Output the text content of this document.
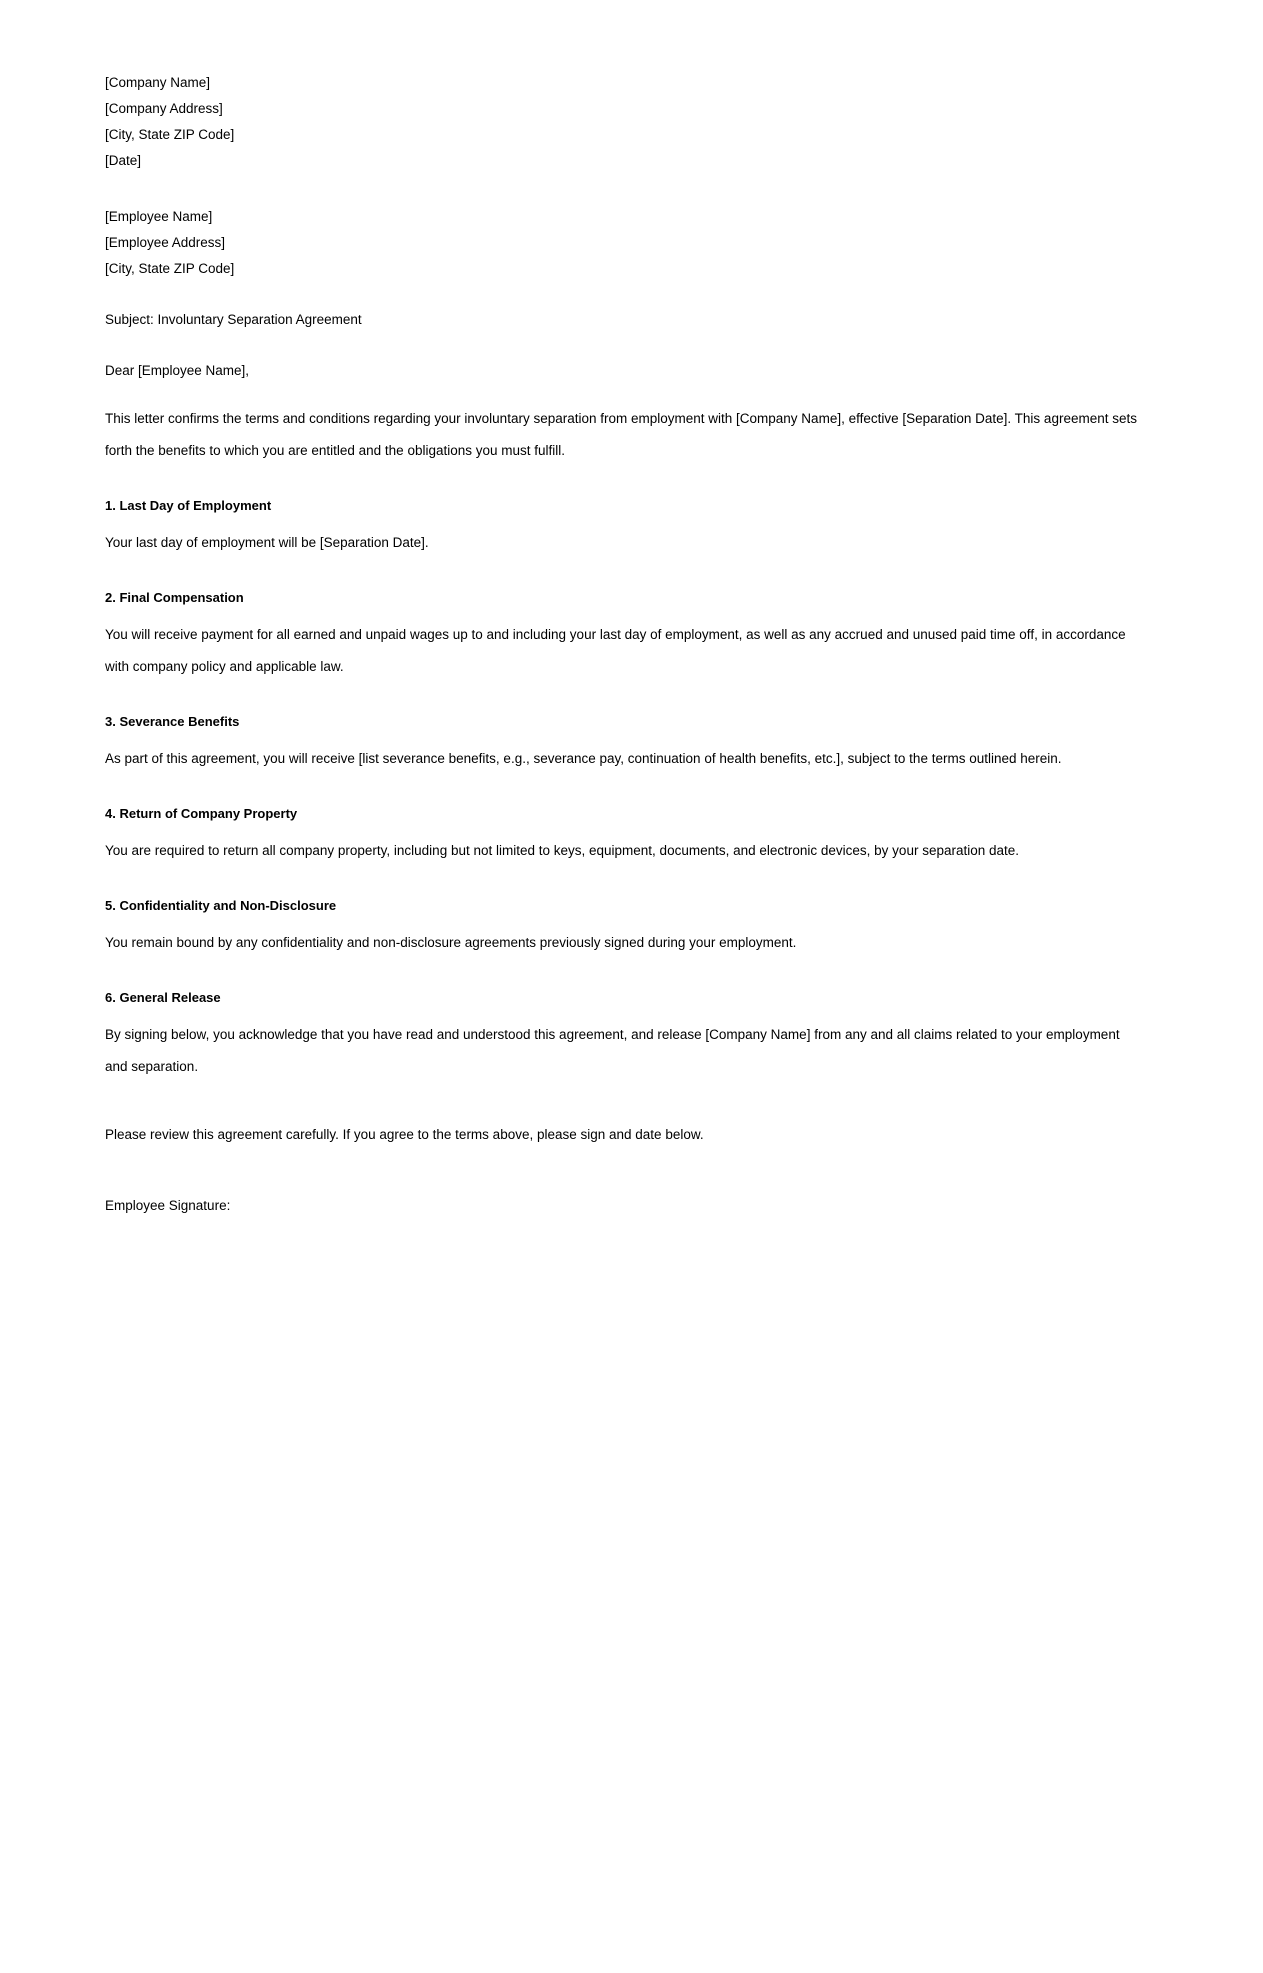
[Company Name]
[Company Address]
[City, State ZIP Code]
[Date]
[Employee Name]
[Employee Address]
[City, State ZIP Code]
Subject: Involuntary Separation Agreement
Dear [Employee Name],

This letter confirms the terms and conditions regarding your involuntary separation from employment with [Company Name], effective [Separation Date]. This agreement sets forth the benefits to which you are entitled and the obligations you must fulfill.

1. Last Day of Employment

Your last day of employment will be [Separation Date].

2. Final Compensation

You will receive payment for all earned and unpaid wages up to and including your last day of employment, as well as any accrued and unused paid time off, in accordance with company policy and applicable law.

3. Severance Benefits

As part of this agreement, you will receive [list severance benefits, e.g., severance pay, continuation of health benefits, etc.], subject to the terms outlined herein.

4. Return of Company Property

You are required to return all company property, including but not limited to keys, equipment, documents, and electronic devices, by your separation date.

5. Confidentiality and Non-Disclosure

You remain bound by any confidentiality and non-disclosure agreements previously signed during your employment.

6. General Release

By signing below, you acknowledge that you have read and understood this agreement, and release [Company Name] from any and all claims related to your employment and separation.

Please review this agreement carefully. If you agree to the terms above, please sign and date below.

Employee Signature:
